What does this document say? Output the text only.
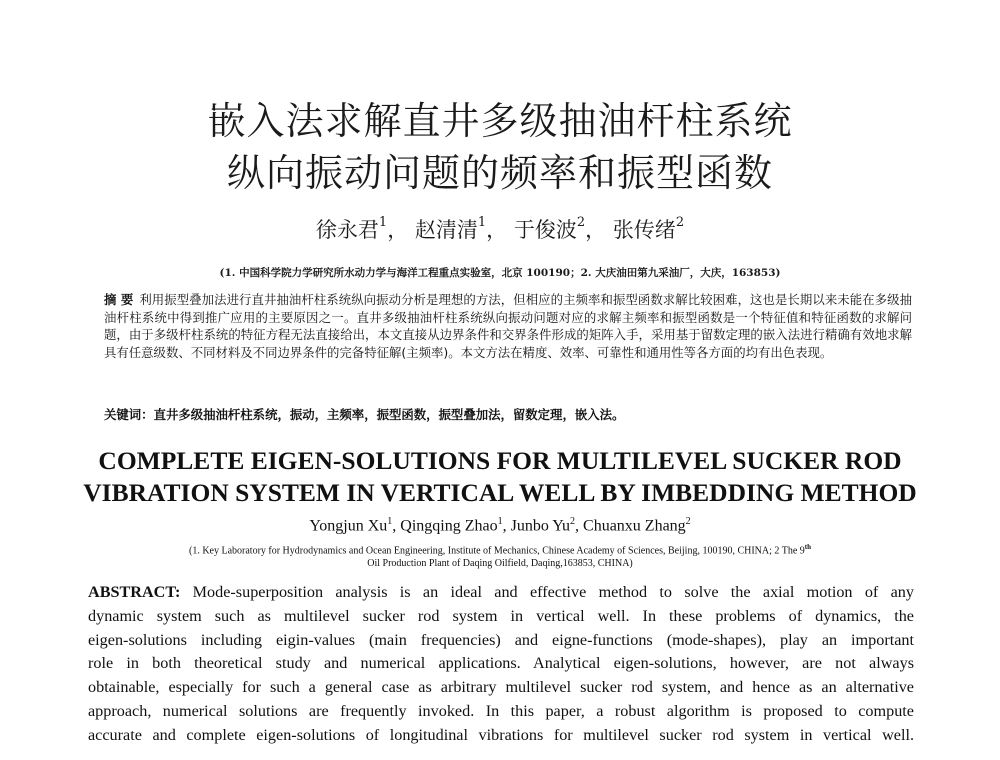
嵌入法求解直井多级抽油杆柱系统
纵向振动问题的频率和振型函数
徐永君$^1$， 赵清清$^1$， 于俊波$^2$， 张传绪$^2$
(1. 中国科学院力学研究所水动力学与海洋工程重点实验室，北京 100190；2. 大庆油田第九采油厂，大庆，163853)
摘 要 利用振型叠加法进行直井抽油杆柱系统纵向振动分析是理想的方法，但相应的主频率和振型函数求解比较困难，这也是长期以来未能在多级抽油杆柱系统中得到推广应用的主要原因之一。直井多级抽油杆柱系统纵向振动问题对应的求解主频率和振型函数是一个特征值和特征函数的求解问题，由于多级杆柱系统的特征方程无法直接给出，本文直接从边界条件和交界条件形成的矩阵入手，采用基于留数定理的嵌入法进行精确有效地求解具有任意级数、不同材料及不同边界条件的完备特征解(主频率)。本文方法在精度、效率、可靠性和通用性等各方面的均有出色表现。
关键词：直井多级抽油杆柱系统，振动，主频率，振型函数，振型叠加法，留数定理，嵌入法。
COMPLETE EIGEN-SOLUTIONS FOR MULTILEVEL SUCKER ROD
VIBRATION SYSTEM IN VERTICAL WELL BY IMBEDDING METHOD
Yongjun Xu$^1$, Qingqing Zhao$^1$, Junbo Yu$^2$, Chuanxu Zhang$^2$
(1. Key Laboratory for Hydrodynamics and Ocean Engineering, Institute of Mechanics, Chinese Academy of Sciences, Beijing, 100190, CHINA; 2 The 9th
Oil Production Plant of Daqing Oilfield, Daqing,163853, CHINA)
ABSTRACT: Mode-superposition analysis is an ideal and effective method to solve the axial motion of any
dynamic system such as multilevel sucker rod system in vertical well. In these problems of dynamics, the
eigen-solutions including eigin-values (main frequencies) and eigne-functions (mode-shapes), play an important
role in both theoretical study and numerical applications. Analytical eigen-solutions, however, are not always
obtainable, especially for such a general case as arbitrary multilevel sucker rod system, and hence as an alternative
approach, numerical solutions are frequently invoked. In this paper, a robust algorithm is proposed to compute
accurate and complete eigen-solutions of longitudinal vibrations for multilevel sucker rod system in vertical well.
